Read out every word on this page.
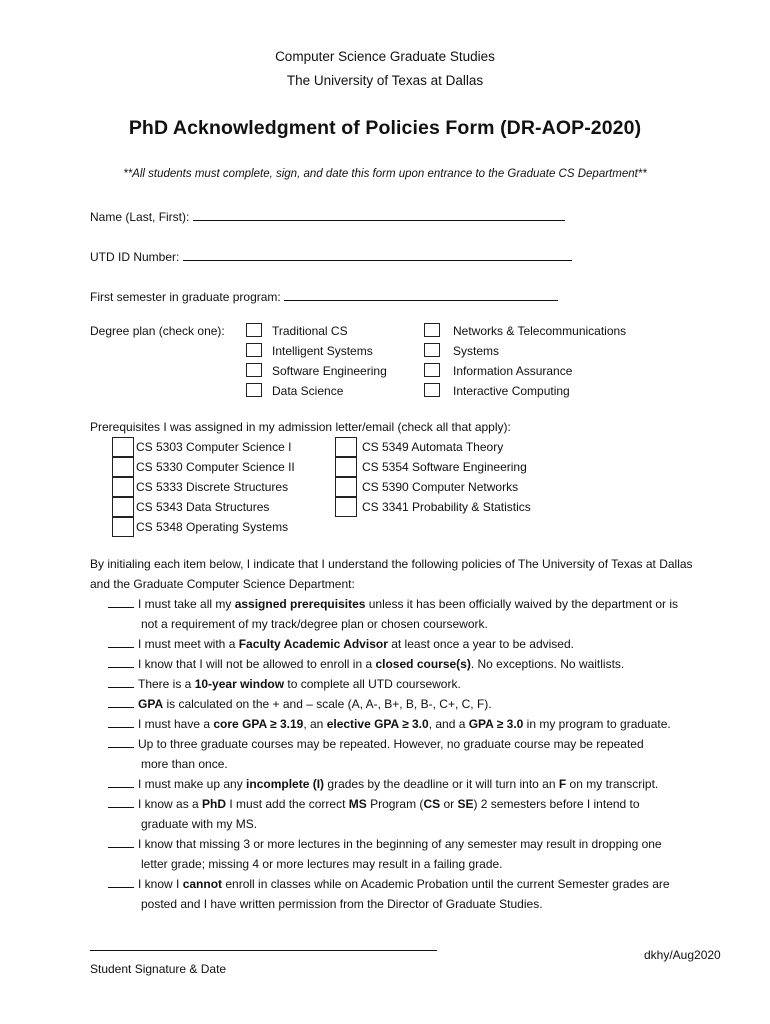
Computer Science Graduate Studies
The University of Texas at Dallas
PhD Acknowledgment of Policies Form (DR-AOP-2020)
**All students must complete, sign, and date this form upon entrance to the Graduate CS Department**
Name (Last, First):
UTD ID Number:
First semester in graduate program:
Degree plan (check one):	Traditional CS
Intelligent Systems
Software Engineering
Data Science
Networks & Telecommunications
Systems
Information Assurance
Interactive Computing
Prerequisites I was assigned in my admission letter/email (check all that apply):
CS 5303 Computer Science I
CS 5330 Computer Science II
CS 5333 Discrete Structures
CS 5343 Data Structures
CS 5348 Operating Systems
CS 5349 Automata Theory
CS 5354 Software Engineering
CS 5390 Computer Networks
CS 3341 Probability & Statistics
By initialing each item below, I indicate that I understand the following policies of The University of Texas at Dallas and the Graduate Computer Science Department:
I must take all my assigned prerequisites unless it has been officially waived by the department or is
not a requirement of my track/degree plan or chosen coursework.
I must meet with a Faculty Academic Advisor at least once a year to be advised.
I know that I will not be allowed to enroll in a closed course(s). No exceptions. No waitlists.
There is a 10-year window to complete all UTD coursework.
GPA is calculated on the + and – scale (A, A-, B+, B, B-, C+, C, F).
I must have a core GPA ≥ 3.19, an elective GPA ≥ 3.0, and a GPA ≥ 3.0 in my program to graduate.
Up to three graduate courses may be repeated. However, no graduate course may be repeated
more than once.
I must make up any incomplete (I) grades by the deadline or it will turn into an F on my transcript.
I know as a PhD I must add the correct MS Program (CS or SE) 2 semesters before I intend to
graduate with my MS.
I know that missing 3 or more lectures in the beginning of any semester may result in dropping one
letter grade; missing 4 or more lectures may result in a failing grade.
I know I cannot enroll in classes while on Academic Probation until the current Semester grades are
posted and I have written permission from the Director of Graduate Studies.
Student Signature & Date
dkhy/Aug2020
